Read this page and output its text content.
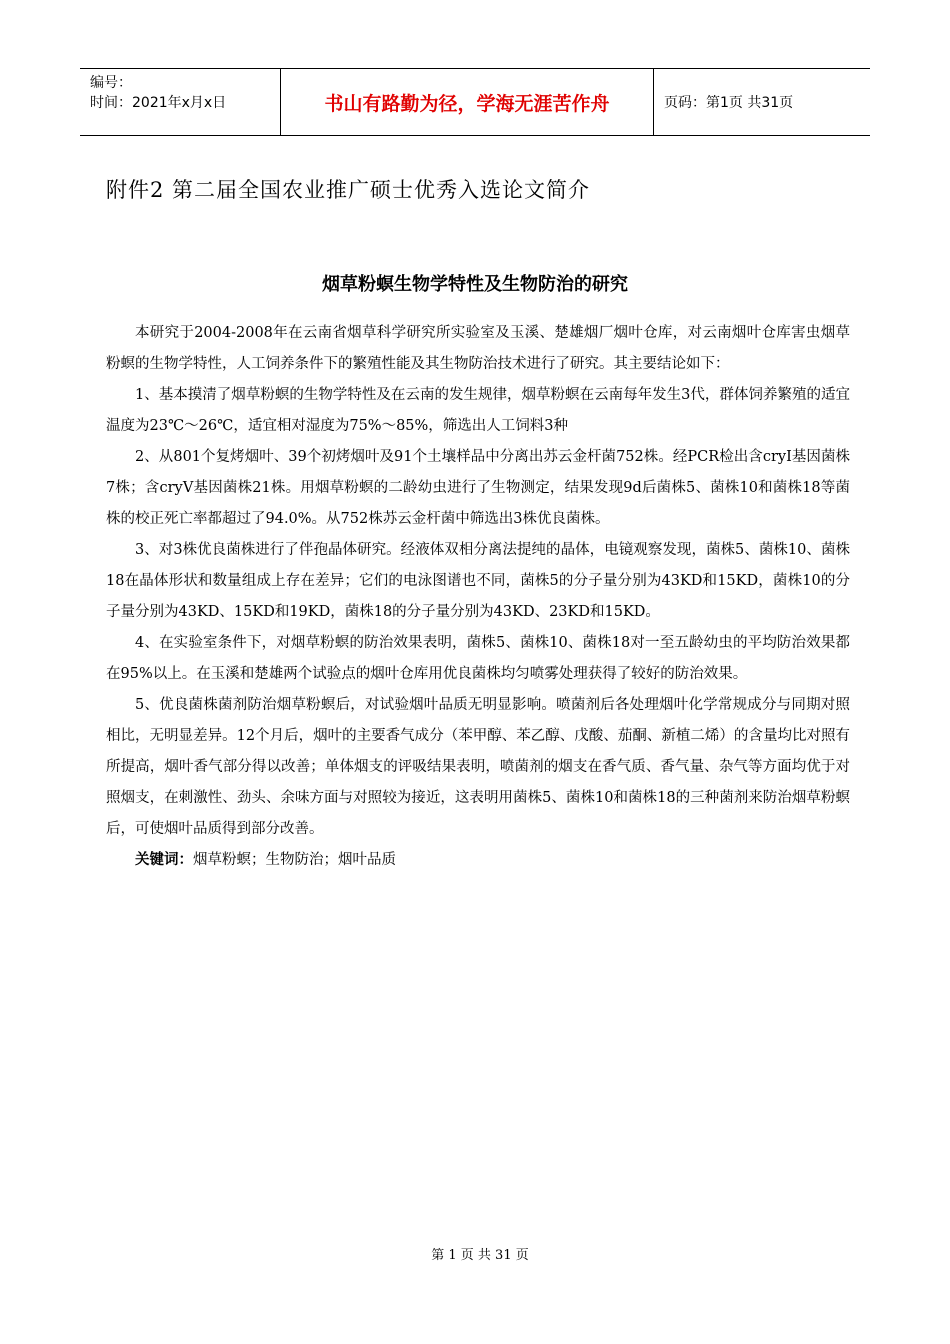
编号：
时间：2021年x月x日	书山有路勤为径，学海无涯苦作舟	页码：第1页 共31页
附件2 第二届全国农业推广硕士优秀入选论文简介
烟草粉螟生物学特性及生物防治的研究

本研究于2004-2008年在云南省烟草科学研究所实验室及玉溪、楚雄烟厂烟叶仓库，对云南烟叶仓库害虫烟草粉螟的生物学特性，人工饲养条件下的繁殖性能及其生物防治技术进行了研究。其主要结论如下：

1、基本摸清了烟草粉螟的生物学特性及在云南的发生规律，烟草粉螟在云南每年发生3代，群体饲养繁殖的适宜温度为23℃～26℃，适宜相对湿度为75%～85%，筛选出人工饲料3种

2、从801个复烤烟叶、39个初烤烟叶及91个土壤样品中分离出苏云金杆菌752株。经PCR检出含cryⅠ基因菌株7株；含cryⅤ基因菌株21株。用烟草粉螟的二龄幼虫进行了生物测定，结果发现9d后菌株5、菌株10和菌株18等菌株的校正死亡率都超过了94.0%。从752株苏云金杆菌中筛选出3株优良菌株。

3、对3株优良菌株进行了伴孢晶体研究。经液体双相分离法提纯的晶体，电镜观察发现，菌株5、菌株10、菌株18在晶体形状和数量组成上存在差异；它们的电泳图谱也不同，菌株5的分子量分别为43KD和15KD，菌株10的分子量分别为43KD、15KD和19KD，菌株18的分子量分别为43KD、23KD和15KD。

4、在实验室条件下，对烟草粉螟的防治效果表明，菌株5、菌株10、菌株18对一至五龄幼虫的平均防治效果都在95%以上。在玉溪和楚雄两个试验点的烟叶仓库用优良菌株均匀喷雾处理获得了较好的防治效果。

5、优良菌株菌剂防治烟草粉螟后，对试验烟叶品质无明显影响。喷菌剂后各处理烟叶化学常规成分与同期对照相比，无明显差异。12个月后，烟叶的主要香气成分（苯甲醇、苯乙醇、戊酸、茄酮、新植二烯）的含量均比对照有所提高，烟叶香气部分得以改善；单体烟支的评吸结果表明，喷菌剂的烟支在香气质、香气量、杂气等方面均优于对照烟支，在刺激性、劲头、余味方面与对照较为接近，这表明用菌株5、菌株10和菌株18的三种菌剂来防治烟草粉螟后，可使烟叶品质得到部分改善。

关键词：烟草粉螟；生物防治；烟叶品质
第 1 页 共 31 页
